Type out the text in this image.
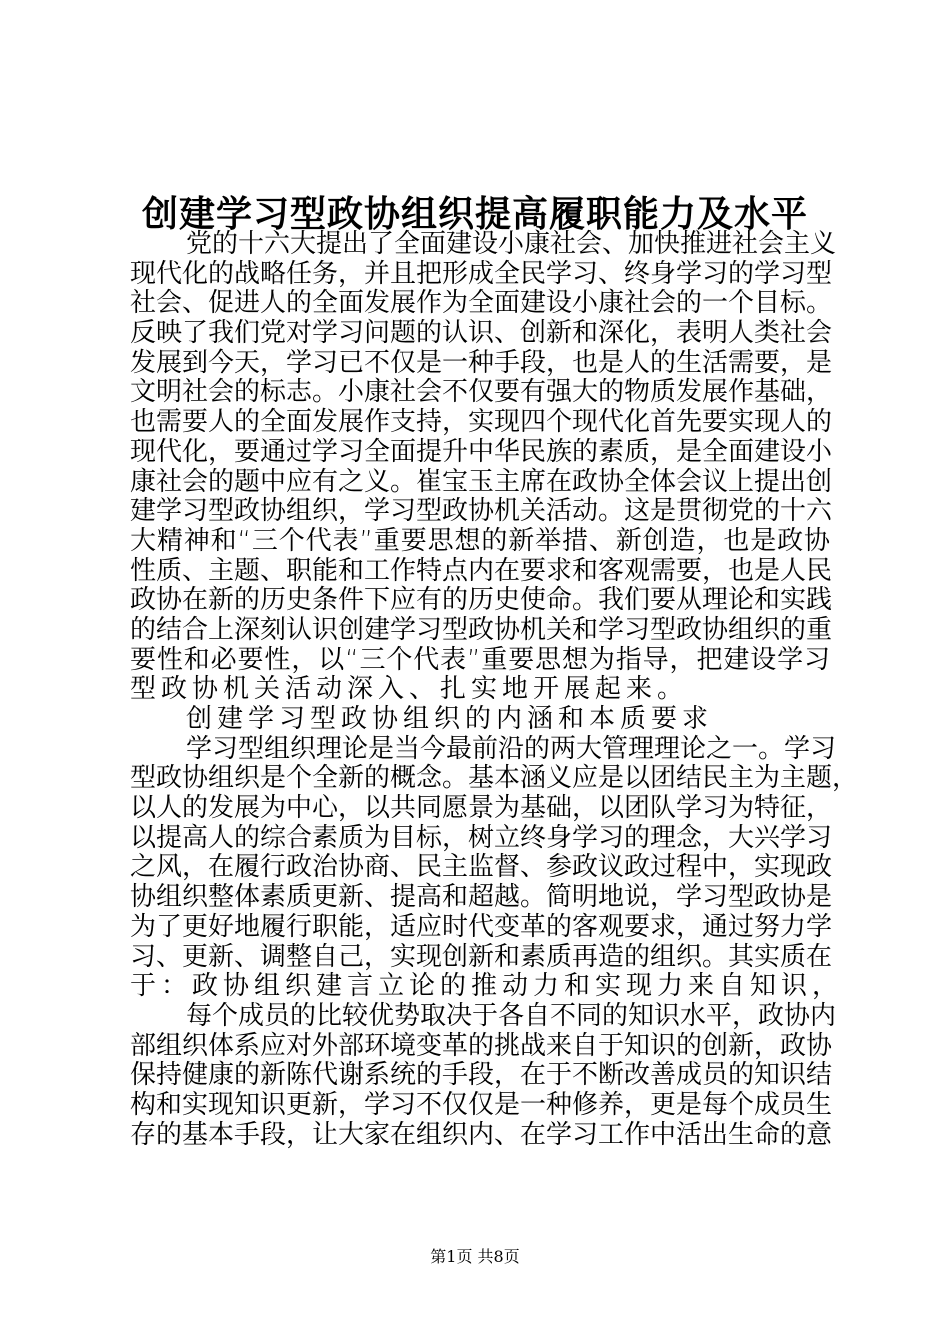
创建学习型政协组织提高履职能力及水平
党的十六大提出了全面建设小康社会、加快推进社会主义
现代化的战略任务，并且把形成全民学习、终身学习的学习型
社会、促进人的全面发展作为全面建设小康社会的一个目标。
反映了我们党对学习问题的认识、创新和深化，表明人类社会
发展到今天，学习已不仅是一种手段，也是人的生活需要，是
文明社会的标志。小康社会不仅要有强大的物质发展作基础，
也需要人的全面发展作支持，实现四个现代化首先要实现人的
现代化，要通过学习全面提升中华民族的素质，是全面建设小
康社会的题中应有之义。崔宝玉主席在政协全体会议上提出创
建学习型政协组织，学习型政协机关活动。这是贯彻党的十六
大精神和“三个代表”重要思想的新举措、新创造，也是政协
性质、主题、职能和工作特点内在要求和客观需要，也是人民
政协在新的历史条件下应有的历史使命。我们要从理论和实践
的结合上深刻认识创建学习型政协机关和学习型政协组织的重
要性和必要性，以“三个代表”重要思想为指导，把建设学习
型政协机关活动深入、扎实地开展起来。
创建学习型政协组织的内涵和本质要求
学习型组织理论是当今最前沿的两大管理理论之一。学习
型政协组织是个全新的概念。基本涵义应是以团结民主为主题，
以人的发展为中心，以共同愿景为基础，以团队学习为特征，
以提高人的综合素质为目标，树立终身学习的理念，大兴学习
之风，在履行政治协商、民主监督、参政议政过程中，实现政
协组织整体素质更新、提高和超越。简明地说，学习型政协是
为了更好地履行职能，适应时代变革的客观要求，通过努力学
习、更新、调整自己，实现创新和素质再造的组织。其实质在
于：政协组织建言立论的推动力和实现力来自知识，
每个成员的比较优势取决于各自不同的知识水平，政协内
部组织体系应对外部环境变革的挑战来自于知识的创新，政协
保持健康的新陈代谢系统的手段，在于不断改善成员的知识结
构和实现知识更新，学习不仅仅是一种修养，更是每个成员生
存的基本手段，让大家在组织内、在学习工作中活出生命的意
第1页 共8页
